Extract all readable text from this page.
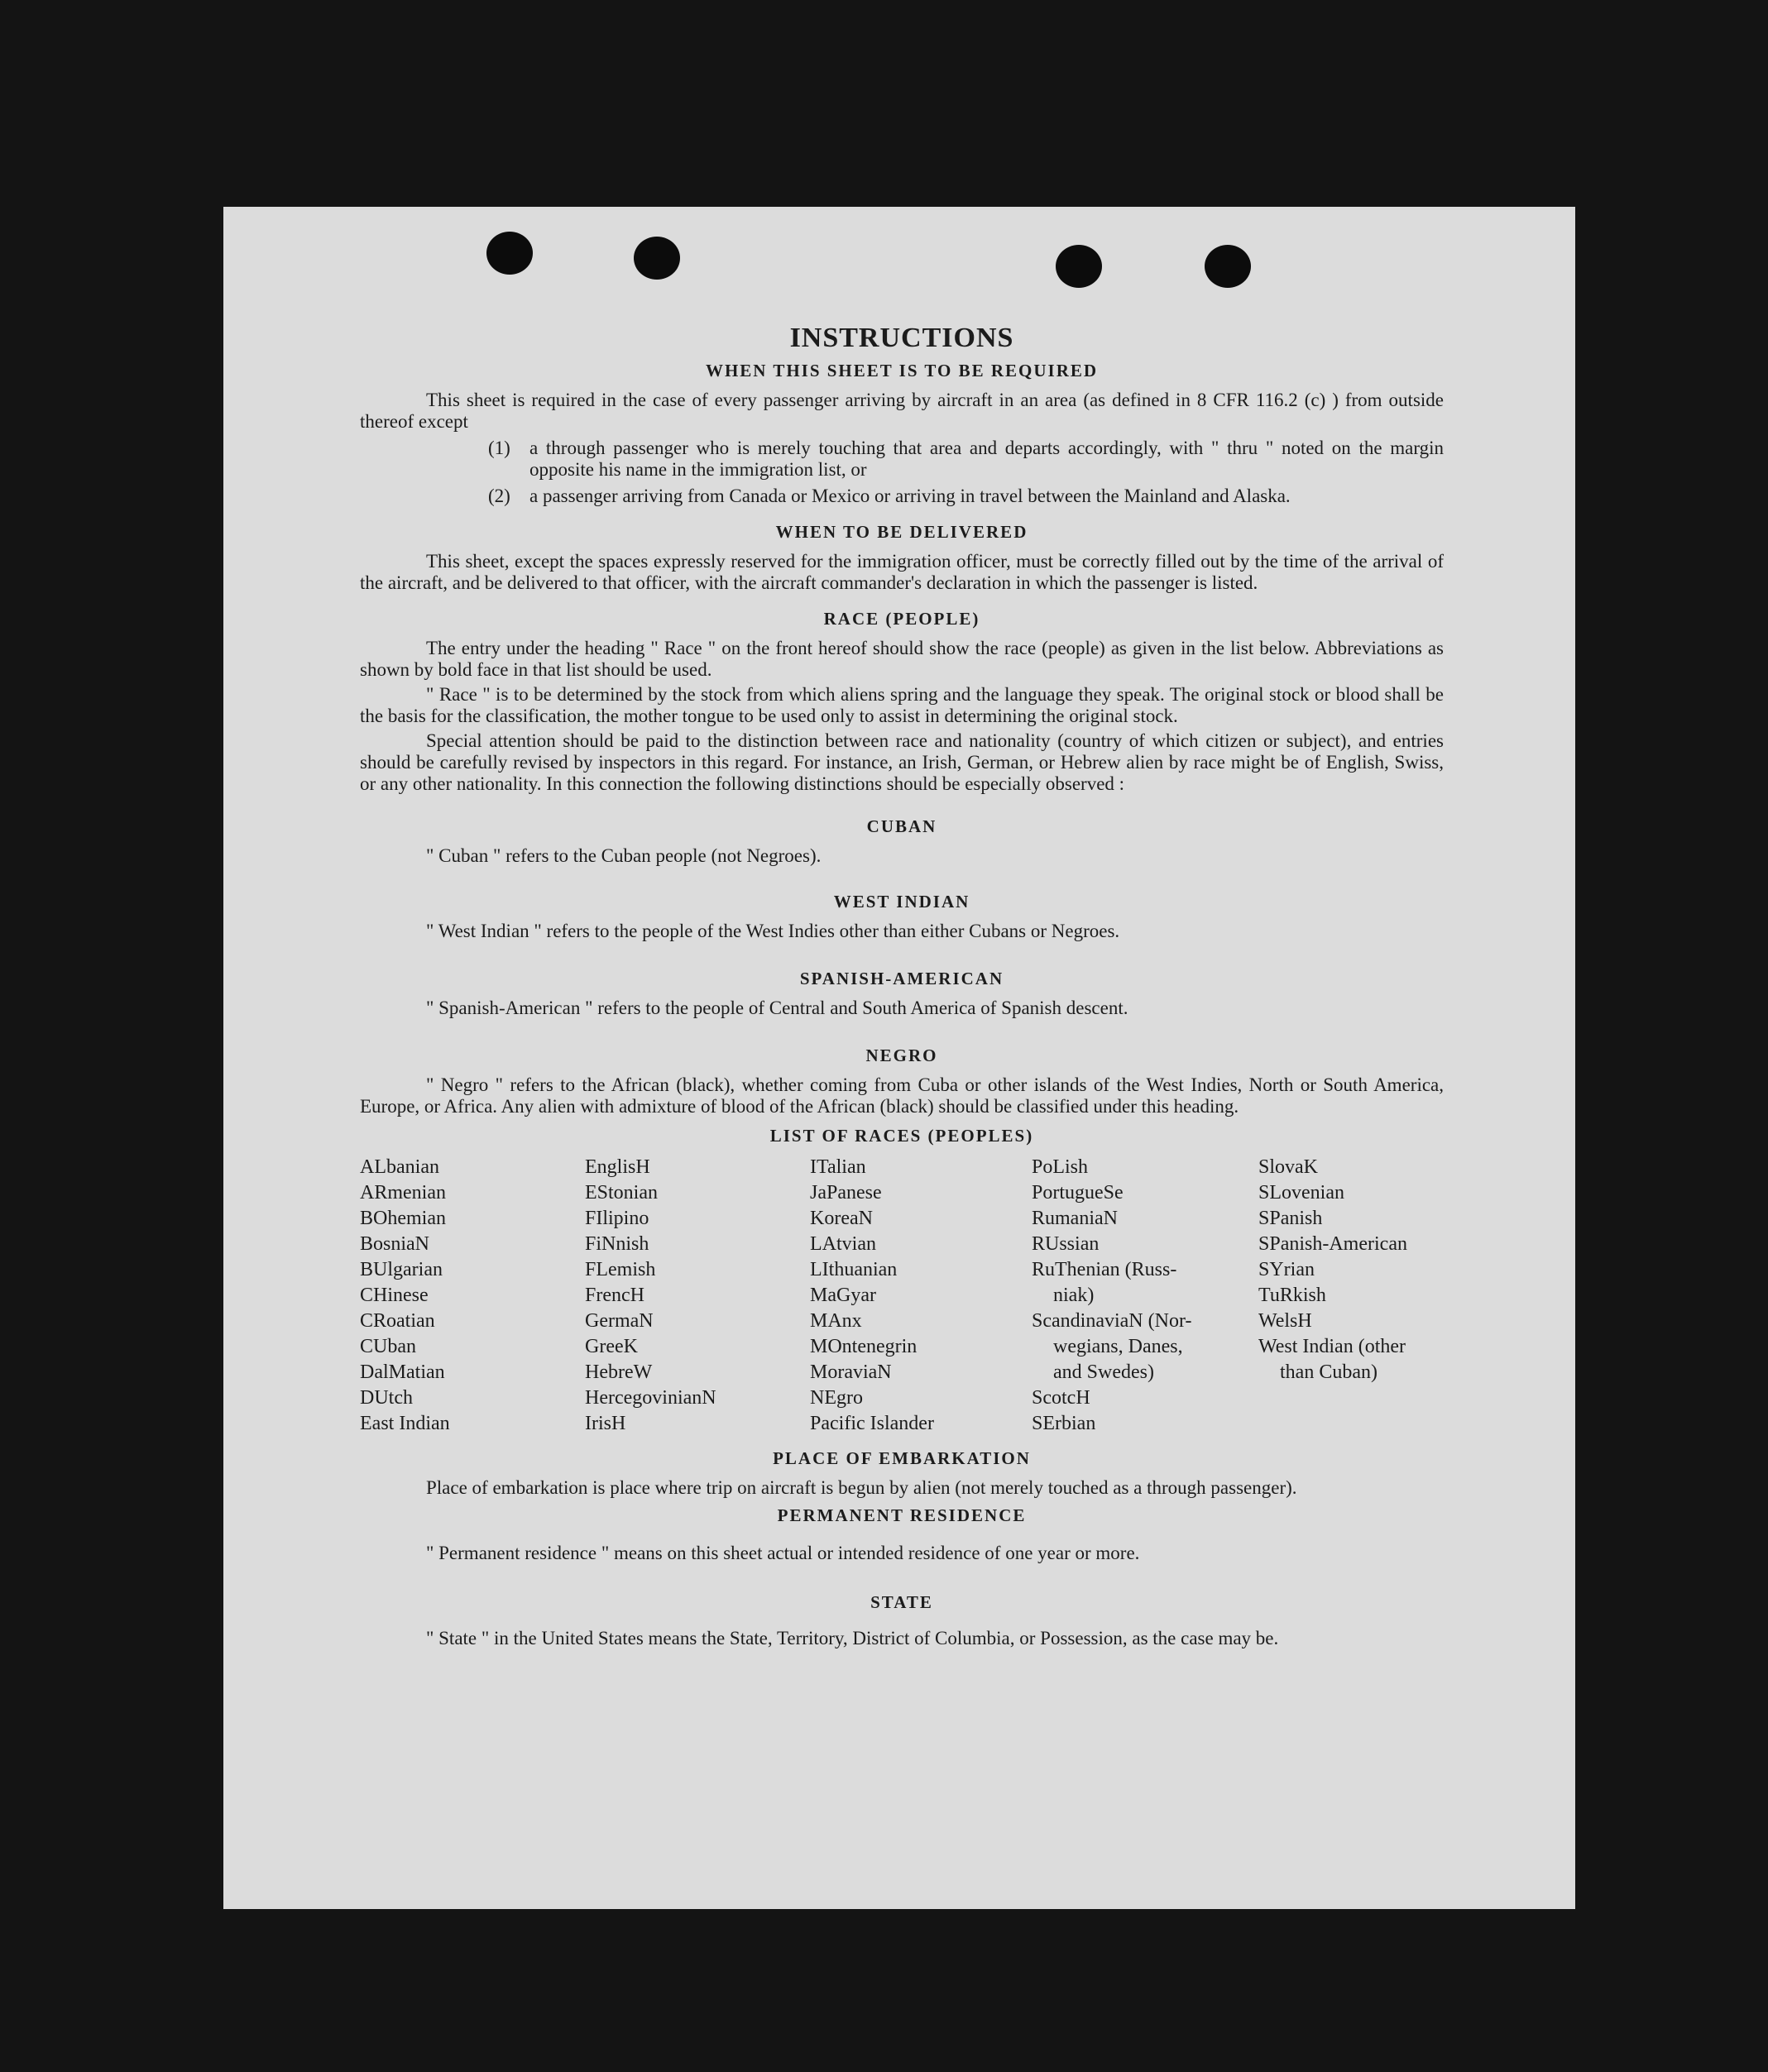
INSTRUCTIONS
WHEN THIS SHEET IS TO BE REQUIRED

This sheet is required in the case of every passenger arriving by aircraft in an area (as defined in 8 CFR 116.2 (c) ) from outside thereof except

(1)	a through passenger who is merely touching that area and departs accordingly, with " thru " noted on the margin opposite his name in the immigration list, or
(2)	a passenger arriving from Canada or Mexico or arriving in travel between the Mainland and Alaska.
WHEN TO BE DELIVERED

This sheet, except the spaces expressly reserved for the immigration officer, must be correctly filled out by the time of the arrival of the aircraft, and be delivered to that officer, with the aircraft commander's declaration in which the passenger is listed.

RACE (PEOPLE)

The entry under the heading " Race " on the front hereof should show the race (people) as given in the list below. Abbreviations as shown by bold face in that list should be used.

" Race " is to be determined by the stock from which aliens spring and the language they speak. The original stock or blood shall be the basis for the classification, the mother tongue to be used only to assist in determining the original stock.

Special attention should be paid to the distinction between race and nationality (country of which citizen or subject), and entries should be carefully revised by inspectors in this regard. For instance, an Irish, German, or Hebrew alien by race might be of English, Swiss, or any other nationality. In this connection the following distinctions should be especially observed :

CUBAN
" Cuban " refers to the Cuban people (not Negroes).
WEST INDIAN
" West Indian " refers to the people of the West Indies other than either Cubans or Negroes.
SPANISH-AMERICAN
" Spanish-American " refers to the people of Central and South America of Spanish descent.
NEGRO

" Negro " refers to the African (black), whether coming from Cuba or other islands of the West Indies, North or South America, Europe, or Africa. Any alien with admixture of blood of the African (black) should be classified under this heading.

LIST OF RACES (PEOPLES)
ALbanian
ARmenian
BOhemian
BosniaN
BUlgarian
CHinese
CRoatian
CUban
DalMatian
DUtch
East Indian
EnglisH
EStonian
FIlipino
FiNnish
FLemish
FrencH
GermaN
GreeK
HebreW
HercegovinianN
IrisH
ITalian
JaPanese
KoreaN
LAtvian
LIthuanian
MaGyar
MAnx
MOntenegrin
MoraviaN
NEgro
Pacific Islander
PoLish
PortugueSe
RumaniaN
RUssian
RuThenian (Russ-
niak)
ScandinaviaN (Nor-
wegians, Danes,
and Swedes)
ScotcH
SErbian
SlovaK
SLovenian
SPanish
SPanish-American
SYrian
TuRkish
WelsH
West Indian (other
than Cuban)
PLACE OF EMBARKATION

Place of embarkation is place where trip on aircraft is begun by alien (not merely touched as a through passenger).

PERMANENT RESIDENCE
" Permanent residence " means on this sheet actual or intended residence of one year or more.
STATE

" State " in the United States means the State, Territory, District of Columbia, or Possession, as the case may be.
